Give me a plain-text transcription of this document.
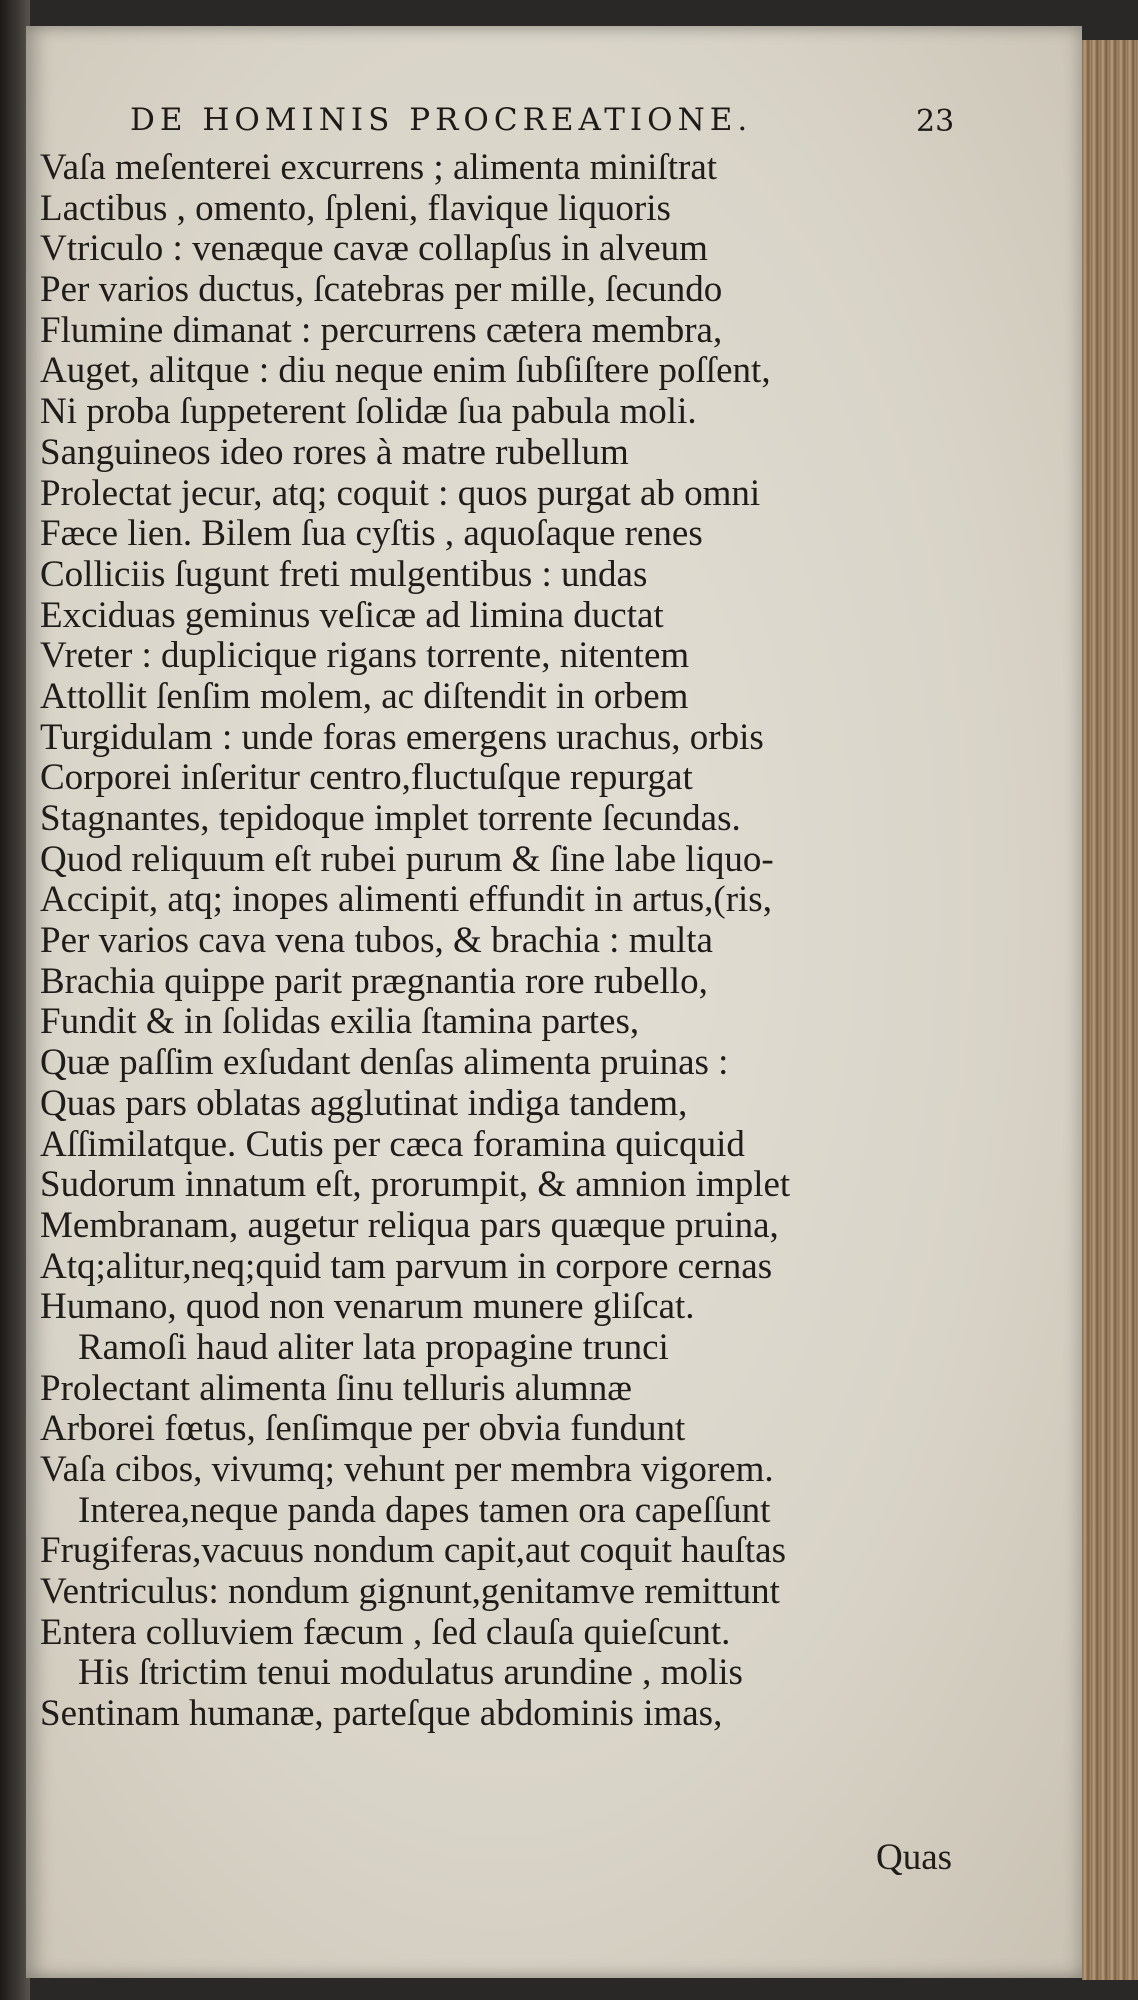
DE HOMINIS PROCREATIONE.	23
Vaſa meſenterei excurrens ; alimenta miniſtrat
Lactibus , omento, ſpleni, flavique liquoris
Vtriculo : venæque cavæ collapſus in alveum
Per varios ductus, ſcatebras per mille, ſecundo
Flumine dimanat : percurrens cætera membra,
Auget, alitque : diu neque enim ſubſiſtere poſſent,
Ni proba ſuppeterent ſolidæ ſua pabula moli.
Sanguineos ideo rores à matre rubellum
Prolectat jecur, atq; coquit : quos purgat ab omni
Fæce lien. Bilem ſua cyſtis , aquoſaque renes
Colliciis ſugunt freti mulgentibus : undas
Exciduas geminus veſicæ ad limina ductat
Vreter : duplicique rigans torrente, nitentem
Attollit ſenſim molem, ac diſtendit in orbem
Turgidulam : unde foras emergens urachus, orbis
Corporei inſeritur centro,fluctuſque repurgat
Stagnantes, tepidoque implet torrente ſecundas.
Quod reliquum eſt rubei purum & ſine labe liquo-
Accipit, atq; inopes alimenti effundit in artus,(ris,
Per varios cava vena tubos, & brachia : multa
Brachia quippe parit prægnantia rore rubello,
Fundit & in ſolidas exilia ſtamina partes,
Quæ paſſim exſudant denſas alimenta pruinas :
Quas pars oblatas agglutinat indiga tandem,
Aſſimilatque. Cutis per cæca foramina quicquid
Sudorum innatum eſt, prorumpit, & amnion implet
Membranam, augetur reliqua pars quæque pruina,
Atq;alitur,neq;quid tam parvum in corpore cernas
Humano, quod non venarum munere gliſcat.
Ramoſi haud aliter lata propagine trunci
Prolectant alimenta ſinu telluris alumnæ
Arborei fœtus, ſenſimque per obvia fundunt
Vaſa cibos, vivumq; vehunt per membra vigorem.
Interea,neque panda dapes tamen ora capeſſunt
Frugiferas,vacuus nondum capit,aut coquit hauſtas
Ventriculus: nondum gignunt,genitamve remittunt
Entera colluviem fæcum , ſed clauſa quieſcunt.
His ſtrictim tenui modulatus arundine , molis
Sentinam humanæ, parteſque abdominis imas,
Quas
